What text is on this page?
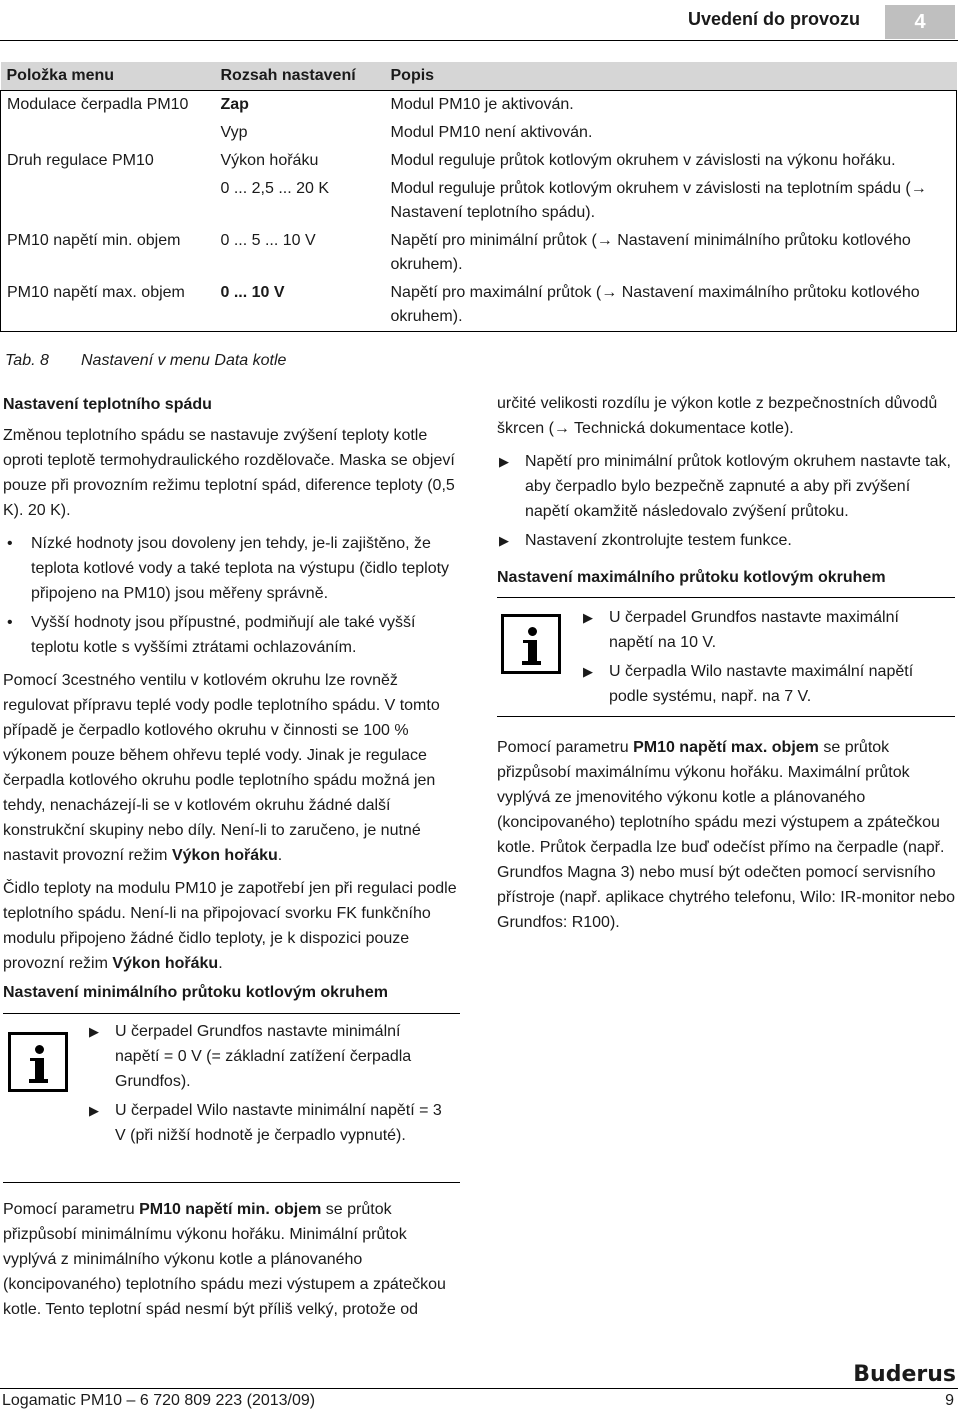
Uvedení do provozu	4
Položka menu	Rozsah nastavení	Popis
Modulace čerpadla PM10	Zap	Modul PM10 je aktivován.
	Vyp	Modul PM10 není aktivován.
Druh regulace PM10	Výkon hořáku	Modul reguluje průtok kotlovým okruhem v závislosti na výkonu hořáku.
	0 ... 2,5 ... 20 K	Modul reguluje průtok kotlovým okruhem v závislosti na teplotním spádu (→ Nastavení teplotního spádu).
PM10 napětí min. objem	0 ... 5 ... 10 V	Napětí pro minimální průtok (→ Nastavení minimálního průtoku kotlového okruhem).
PM10 napětí max. objem	0 ... 10 V	Napětí pro maximální průtok (→ Nastavení maximálního průtoku kotlového okruhem).
Tab. 8 Nastavení v menu Data kotle
Nastavení teplotního spádu

Změnou teplotního spádu se nastavuje zvýšení teploty kotle oproti teplotě termohydraulického rozdělovače. Maska se objeví pouze při provozním režimu teplotní spád, diference teploty (0,5 K). 20 K).

• Nízké hodnoty jsou dovoleny jen tehdy, je-li zajištěno, že teplota kotlové vody a také teplota na výstupu (čidlo teploty připojeno na PM10) jsou měřeny správně.
• Vyšší hodnoty jsou přípustné, podmiňují ale také vyšší teplotu kotle s vyššími ztrátami ochlazováním.

Pomocí 3cestného ventilu v kotlovém okruhu lze rovněž regulovat přípravu teplé vody podle teplotního spádu. V tomto případě je čerpadlo kotlového okruhu v činnosti se 100 % výkonem pouze během ohřevu teplé vody. Jinak je regulace čerpadla kotlového okruhu podle teplotního spádu možná jen tehdy, nenacházejí-li se v kotlovém okruhu žádné další konstrukční skupiny nebo díly. Není-li to zaručeno, je nutné nastavit provozní režim Výkon hořáku.

Čidlo teploty na modulu PM10 je zapotřebí jen při regulaci podle teplotního spádu. Není-li na připojovací svorku FK funkčního modulu připojeno žádné čidlo teploty, je k dispozici pouze provozní režim Výkon hořáku.

Nastavení minimálního průtoku kotlovým okruhem
▶ U čerpadel Grundfos nastavte minimální napětí = 0 V (= základní zatížení čerpadla Grundfos).
▶ U čerpadel Wilo nastavte minimální napětí = 3 V (při nižší hodnotě je čerpadlo vypnuté).

Pomocí parametru PM10 napětí min. objem se průtok přizpůsobí minimálnímu výkonu hořáku. Minimální průtok vyplývá z minimálního výkonu kotle a plánovaného (koncipovaného) teplotního spádu mezi výstupem a zpátečkou kotle. Tento teplotní spád nesmí být příliš velký, protože od

určité velikosti rozdílu je výkon kotle z bezpečnostních důvodů škrcen (→ Technická dokumentace kotle).

▶ Napětí pro minimální průtok kotlovým okruhem nastavte tak, aby čerpadlo bylo bezpečně zapnuté a aby při zvýšení napětí okamžitě následovalo zvýšení průtoku.
▶ Nastavení zkontrolujte testem funkce.
Nastavení maximálního průtoku kotlovým okruhem
▶ U čerpadel Grundfos nastavte maximální napětí na 10 V.
▶ U čerpadla Wilo nastavte maximální napětí podle systému, např. na 7 V.

Pomocí parametru PM10 napětí max. objem se průtok přizpůsobí maximálnímu výkonu hořáku. Maximální průtok vyplývá ze jmenovitého výkonu kotle a plánovaného (koncipovaného) teplotního spádu mezi výstupem a zpátečkou kotle. Průtok čerpadla lze buď odečíst přímo na čerpadle (např. Grundfos Magna 3) nebo musí být odečten pomocí servisního přístroje (např. aplikace chytrého telefonu, Wilo: IR-monitor nebo Grundfos: R100).

Buderus
Logamatic PM10 – 6 720 809 223 (2013/09)	9
